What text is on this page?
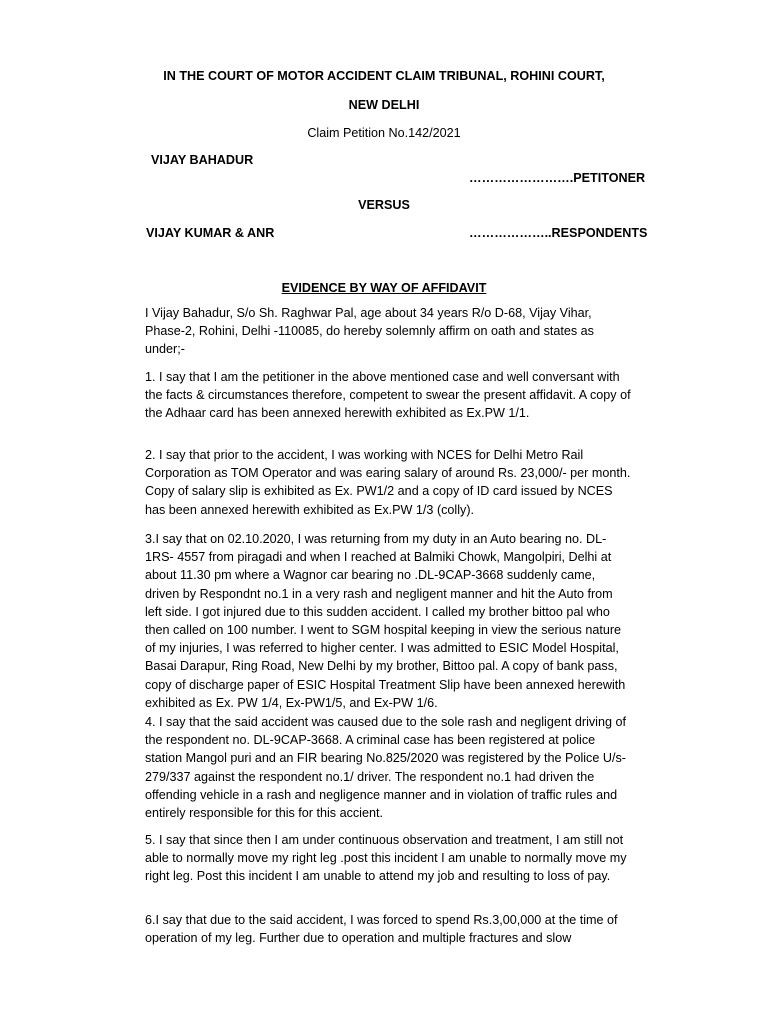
IN THE COURT OF MOTOR ACCIDENT CLAIM TRIBUNAL, ROHINI COURT,
NEW DELHI
Claim Petition No.142/2021
VIJAY BAHADUR
…………………….PETITONER
VERSUS
VIJAY KUMAR & ANR	………………..RESPONDENTS
EVIDENCE BY WAY OF AFFIDAVIT

I Vijay Bahadur, S/o Sh. Raghwar Pal, age about 34 years R/o D-68, Vijay Vihar, Phase-2, Rohini, Delhi -110085, do hereby solemnly affirm on oath and states as under;-

1. I say that I am the petitioner in the above mentioned case and well conversant with the facts & circumstances therefore, competent to swear the present affidavit. A copy of the Adhaar card has been annexed herewith exhibited as Ex.PW 1/1.

2. I say that prior to the accident, I was working with NCES for Delhi Metro Rail Corporation as TOM Operator and was earing salary of around Rs. 23,000/- per month. Copy of salary slip is exhibited as Ex. PW1/2 and a copy of ID card issued by NCES has been annexed herewith exhibited as Ex.PW 1/3 (colly).

3.I say that on 02.10.2020, I was returning from my duty in an Auto bearing no. DL- 1RS- 4557 from piragadi and when I reached at Balmiki Chowk, Mangolpiri, Delhi at about 11.30 pm where a Wagnor car bearing no .DL-9CAP-3668 suddenly came, driven by Respondnt no.1 in a very rash and negligent manner and hit the Auto from left side. I got injured due to this sudden accident. I called my brother bittoo pal who then called on 100 number. I went to SGM hospital keeping in view the serious nature of my injuries, I was referred to higher center. I was admitted to ESIC Model Hospital, Basai Darapur, Ring Road, New Delhi by my brother, Bittoo pal. A copy of bank pass, copy of discharge paper of ESIC Hospital Treatment Slip have been annexed herewith exhibited as Ex. PW 1/4, Ex-PW1/5, and Ex-PW 1/6.

4. I say that the said accident was caused due to the sole rash and negligent driving of the respondent no. DL-9CAP-3668. A criminal case has been registered at police station Mangol puri and an FIR bearing No.825/2020 was registered by the Police U/s-279/337 against the respondent no.1/ driver. The respondent no.1 had driven the offending vehicle in a rash and negligence manner and in violation of traffic rules and entirely responsible for this for this accient.

5. I say that since then I am under continuous observation and treatment, I am still not able to normally move my right leg .post this incident I am unable to normally move my right leg. Post this incident I am unable to attend my job and resulting to loss of pay.

6.I say that due to the said accident, I was forced to spend Rs.3,00,000 at the time of operation of my leg. Further due to operation and multiple fractures and slow
